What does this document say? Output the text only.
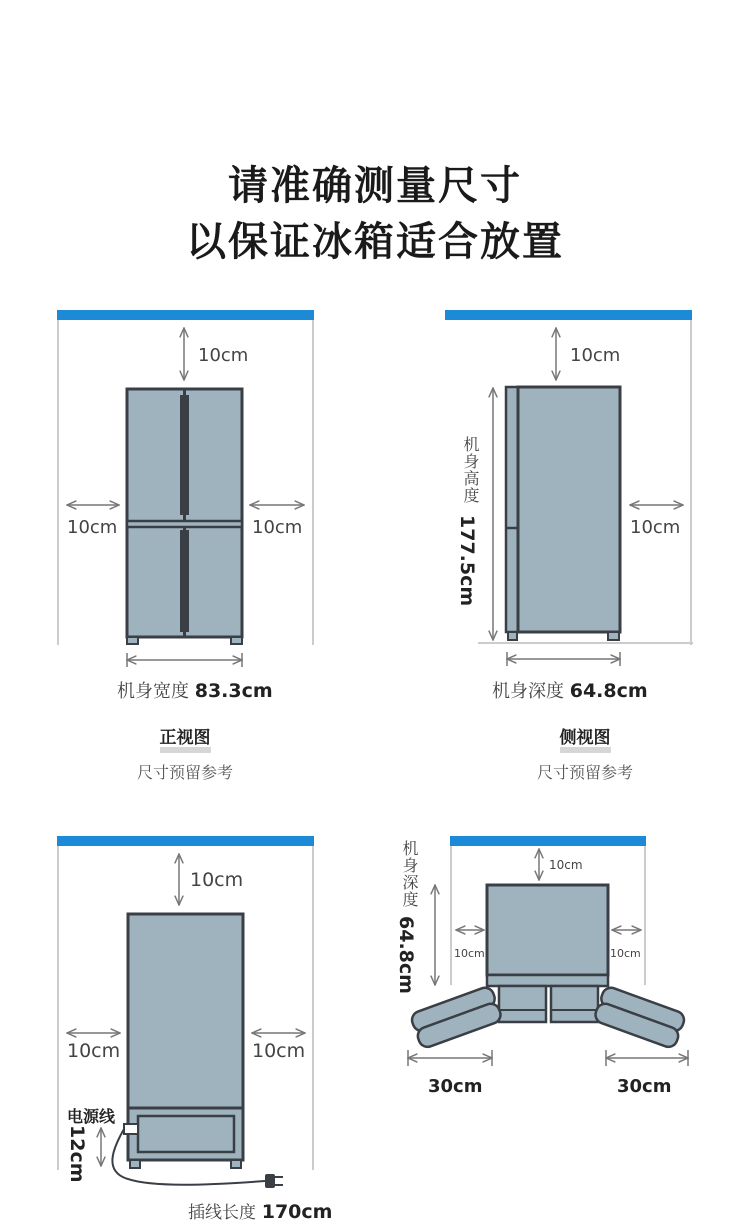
请准确测量尺寸
以保证冰箱适合放置
10cm
10cm	10cm
机身宽度 83.3cm
正视图
尺寸预留参考
10cm
10cm
机身高度
177.5cm
机身深度 64.8cm
侧视图
尺寸预留参考
10cm
10cm	10cm
电源线
12cm
插线长度 170cm
机身深度
64.8cm
10cm
10cm	10cm
30cm	30cm
